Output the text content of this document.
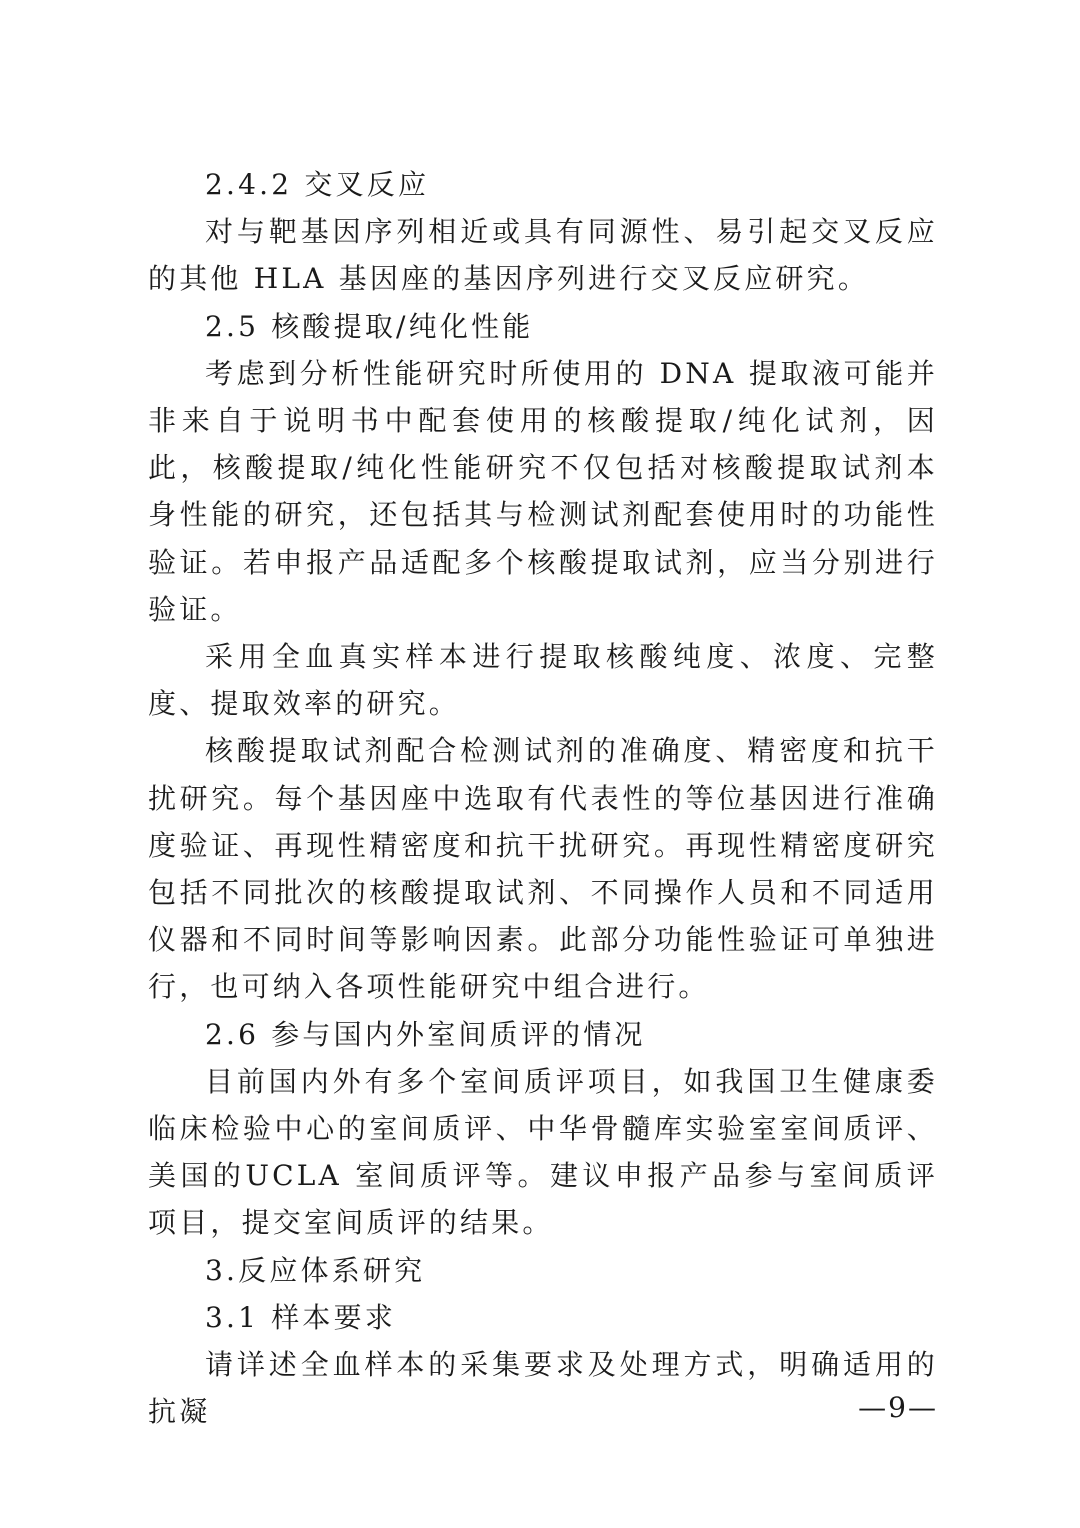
2.4.2 交叉反应

对与靶基因序列相近或具有同源性、易引起交叉反应的其他 HLA 基因座的基因序列进行交叉反应研究。

2.5 核酸提取/纯化性能

考虑到分析性能研究时所使用的 DNA 提取液可能并非来自于说明书中配套使用的核酸提取/纯化试剂，因此，核酸提取/纯化性能研究不仅包括对核酸提取试剂本身性能的研究，还包括其与检测试剂配套使用时的功能性验证。若申报产品适配多个核酸提取试剂，应当分别进行验证。

采用全血真实样本进行提取核酸纯度、浓度、完整度、提取效率的研究。

核酸提取试剂配合检测试剂的准确度、精密度和抗干扰研究。每个基因座中选取有代表性的等位基因进行准确度验证、再现性精密度和抗干扰研究。再现性精密度研究包括不同批次的核酸提取试剂、不同操作人员和不同适用仪器和不同时间等影响因素。此部分功能性验证可单独进行，也可纳入各项性能研究中组合进行。

2.6 参与国内外室间质评的情况

目前国内外有多个室间质评项目，如我国卫生健康委临床检验中心的室间质评、中华骨髓库实验室室间质评、美国的UCLA 室间质评等。建议申报产品参与室间质评项目，提交室间质评的结果。

3.反应体系研究

3.1 样本要求

请详述全血样本的采集要求及处理方式，明确适用的抗凝	—9—
